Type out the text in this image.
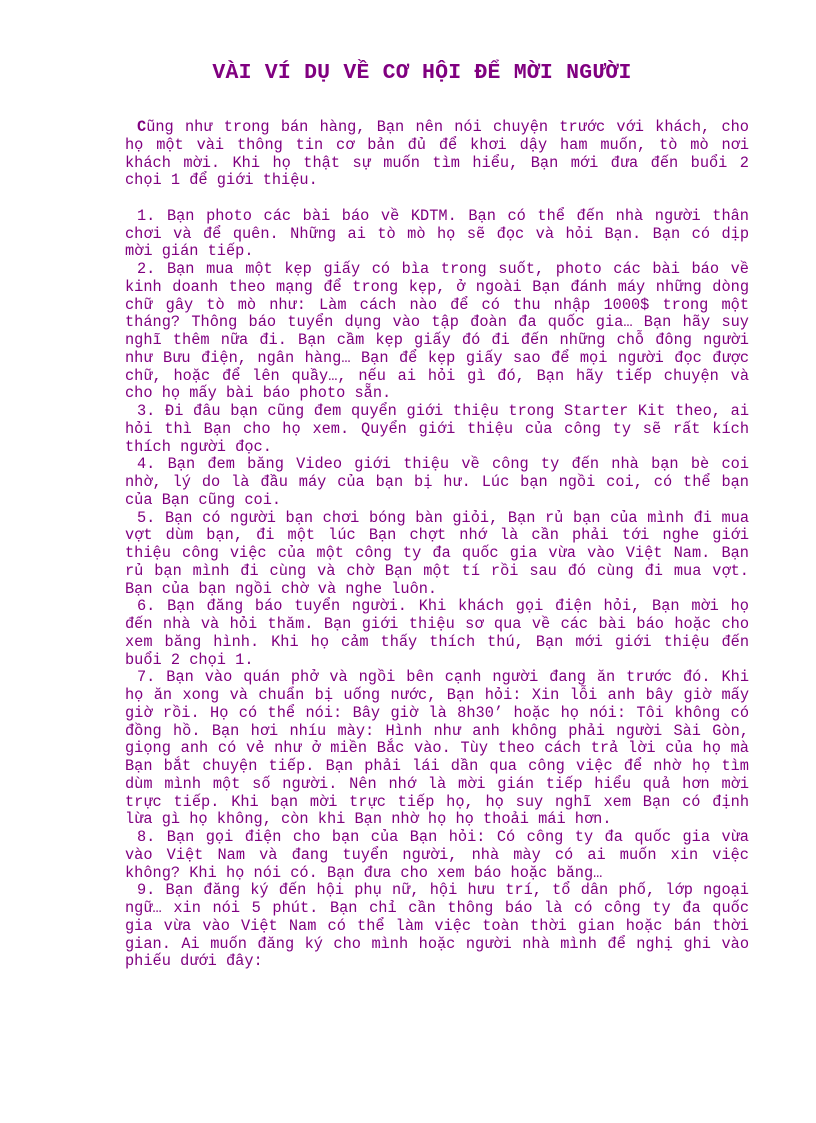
VÀI VÍ DỤ VỀ CƠ HỘI ĐỂ MỜI NGƯỜI

Cũng như trong bán hàng, Bạn nên nói chuyện trước với khách, cho họ một vài thông tin cơ bản đủ để khơi dậy ham muốn, tò mò nơi khách mời. Khi họ thật sự muốn tìm hiểu, Bạn mới đưa đến buổi 2 chọi 1 để giới thiệu.

1. Bạn photo các bài báo về KDTM. Bạn có thể đến nhà người thân chơi và để quên. Những ai tò mò họ sẽ đọc và hỏi Bạn. Bạn có dịp mời gián tiếp.

2. Bạn mua một kẹp giấy có bìa trong suốt, photo các bài báo về kinh doanh theo mạng để trong kẹp, ở ngoài Bạn đánh máy những dòng chữ gây tò mò như: Làm cách nào để có thu nhập 1000$ trong một tháng? Thông báo tuyển dụng vào tập đoàn đa quốc gia… Bạn hãy suy nghĩ thêm nữa đi. Bạn cầm kẹp giấy đó đi đến những chỗ đông người như Bưu điện, ngân hàng… Bạn để kẹp giấy sao để mọi người đọc được chữ, hoặc để lên quầy…, nếu ai hỏi gì đó, Bạn hãy tiếp chuyện và cho họ mấy bài báo photo sẵn.

3. Đi đâu bạn cũng đem quyển giới thiệu trong Starter Kit theo, ai hỏi thì Bạn cho họ xem. Quyển giới thiệu của công ty sẽ rất kích thích người đọc.

4. Bạn đem băng Video giới thiệu về công ty đến nhà bạn bè coi nhờ, lý do là đầu máy của bạn bị hư. Lúc bạn ngồi coi, có thể bạn của Bạn cũng coi.

5. Bạn có người bạn chơi bóng bàn giỏi, Bạn rủ bạn của mình đi mua vợt dùm bạn, đi một lúc Bạn chợt nhớ là cần phải tới nghe giới thiệu công việc của một công ty đa quốc gia vừa vào Việt Nam. Bạn rủ bạn mình đi cùng và chờ Bạn một tí rồi sau đó cùng đi mua vợt. Bạn của bạn ngồi chờ và nghe luôn.

6. Bạn đăng báo tuyển người. Khi khách gọi điện hỏi, Bạn mời họ đến nhà và hỏi thăm. Bạn giới thiệu sơ qua về các bài báo hoặc cho xem băng hình. Khi họ cảm thấy thích thú, Bạn mới giới thiệu đến buổi 2 chọi 1.

7. Bạn vào quán phở và ngồi bên cạnh người đang ăn trước đó. Khi họ ăn xong và chuẩn bị uống nước, Bạn hỏi: Xin lỗi anh bây giờ mấy giờ rồi. Họ có thể nói: Bây giờ là 8h30’ hoặc họ nói: Tôi không có đồng hồ. Bạn hơi nhíu mày: Hình như anh không phải người Sài Gòn, giọng anh có vẻ như ở miền Bắc vào. Tùy theo cách trả lời của họ mà Bạn bắt chuyện tiếp. Bạn phải lái dần qua công việc để nhờ họ tìm dùm mình một số người. Nên nhớ là mời gián tiếp hiểu quả hơn mời trực tiếp. Khi bạn mời trực tiếp họ, họ suy nghĩ xem Bạn có định lừa gì họ không, còn khi Bạn nhờ họ họ thoải mái hơn.

8. Bạn gọi điện cho bạn của Bạn hỏi: Có công ty đa quốc gia vừa vào Việt Nam và đang tuyển người, nhà mày có ai muốn xin việc không? Khi họ nói có. Bạn đưa cho xem báo hoặc băng…

9. Bạn đăng ký đến hội phụ nữ, hội hưu trí, tổ dân phố, lớp ngoại ngữ… xin nói 5 phút. Bạn chỉ cần thông báo là có công ty đa quốc gia vừa vào Việt Nam có thể làm việc toàn thời gian hoặc bán thời gian. Ai muốn đăng ký cho mình hoặc người nhà mình để nghị ghi vào phiếu dưới đây:
